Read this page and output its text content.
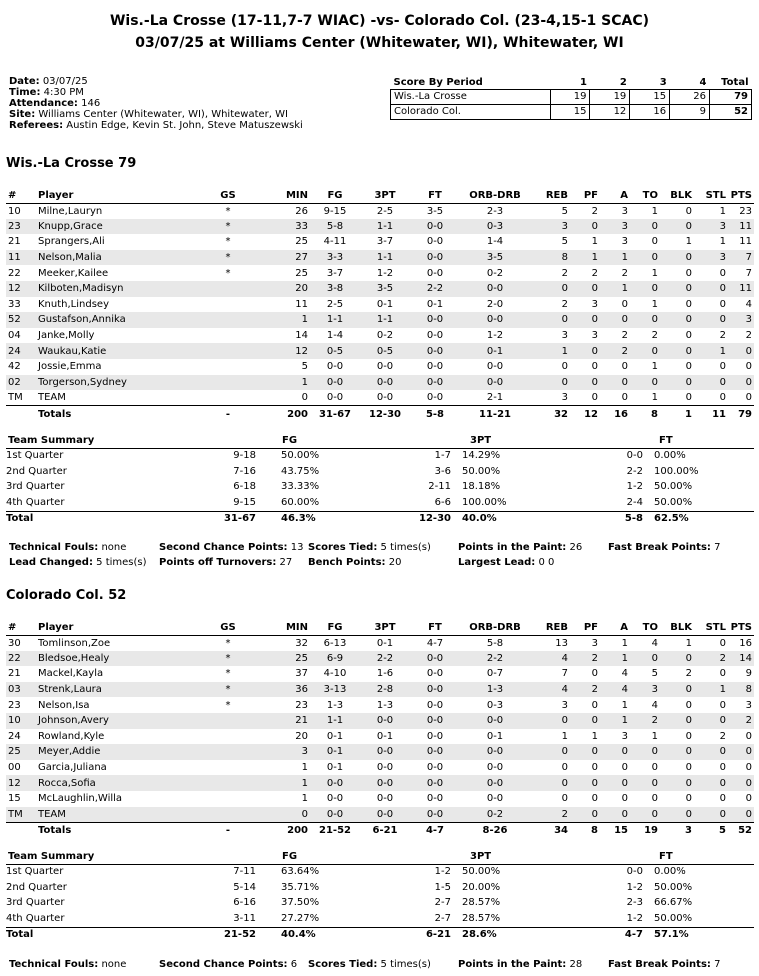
Wis.-La Crosse (17-11,7-7 WIAC) -vs- Colorado Col. (23-4,15-1 SCAC)
03/07/25 at Williams Center (Whitewater, WI), Whitewater, WI
Date: 03/07/25
Time: 4:30 PM
Attendance: 146
Site: Williams Center (Whitewater, WI), Whitewater, WI
Referees: Austin Edge, Kevin St. John, Steve Matuszewski
Score By Period	1	2	3	4	Total
Wis.-La Crosse	19	19	15	26	79
Colorado Col.	15	12	16	9	52
Wis.-La Crosse 79
#	Player	GS	MIN	FG	3PT	FT	ORB-DRB	REB	PF	A	TO	BLK	STL	PTS
10	Milne,Lauryn	*	26	9-15	2-5	3-5	2-3	5	2	3	1	0	1	23
23	Knupp,Grace	*	33	5-8	1-1	0-0	0-3	3	0	3	0	0	3	11
21	Sprangers,Ali	*	25	4-11	3-7	0-0	1-4	5	1	3	0	1	1	11
11	Nelson,Malia	*	27	3-3	1-1	0-0	3-5	8	1	1	0	0	3	7
22	Meeker,Kailee	*	25	3-7	1-2	0-0	0-2	2	2	2	1	0	0	7
12	Kilboten,Madisyn		20	3-8	3-5	2-2	0-0	0	0	1	0	0	0	11
33	Knuth,Lindsey		11	2-5	0-1	0-1	2-0	2	3	0	1	0	0	4
52	Gustafson,Annika		1	1-1	1-1	0-0	0-0	0	0	0	0	0	0	3
04	Janke,Molly		14	1-4	0-2	0-0	1-2	3	3	2	2	0	2	2
24	Waukau,Katie		12	0-5	0-5	0-0	0-1	1	0	2	0	0	1	0
42	Jossie,Emma		5	0-0	0-0	0-0	0-0	0	0	0	1	0	0	0
02	Torgerson,Sydney		1	0-0	0-0	0-0	0-0	0	0	0	0	0	0	0
TM	TEAM		0	0-0	0-0	0-0	2-1	3	0	0	1	0	0	0
	Totals	-	200	31-67	12-30	5-8	11-21	32	12	16	8	1	11	79
Team Summary	FG	3PT	FT
1st Quarter	9-18	50.00%	1-7 14.29%	0-0 0.00%
2nd Quarter	7-16	43.75%	3-6 50.00%	2-2 100.00%
3rd Quarter	6-18	33.33%	2-11 18.18%	1-2 50.00%
4th Quarter	9-15	60.00%	6-6 100.00%	2-4 50.00%
Total	31-67	46.3%	12-30 40.0%	5-8 62.5%
Technical Fouls: none	Second Chance Points: 13 Scores Tied: 5 times(s)	Points in the Paint: 26	Fast Break Points: 7
Lead Changed: 5 times(s) Points off Turnovers: 27 Bench Points: 20	Largest Lead: 0 0
Colorado Col. 52
#	Player	GS	MIN	FG	3PT	FT	ORB-DRB	REB	PF	A	TO	BLK	STL	PTS
30	Tomlinson,Zoe	*	32	6-13	0-1	4-7	5-8	13	3	1	4	1	0	16
22	Bledsoe,Healy	*	25	6-9	2-2	0-0	2-2	4	2	1	0	0	2	14
21	Mackel,Kayla	*	37	4-10	1-6	0-0	0-7	7	0	4	5	2	0	9
03	Strenk,Laura	*	36	3-13	2-8	0-0	1-3	4	2	4	3	0	1	8
23	Nelson,Isa	*	23	1-3	1-3	0-0	0-3	3	0	1	4	0	0	3
10	Johnson,Avery		21	1-1	0-0	0-0	0-0	0	0	1	2	0	0	2
24	Rowland,Kyle		20	0-1	0-1	0-0	0-1	1	1	3	1	0	2	0
25	Meyer,Addie		3	0-1	0-0	0-0	0-0	0	0	0	0	0	0	0
00	Garcia,Juliana		1	0-1	0-0	0-0	0-0	0	0	0	0	0	0	0
12	Rocca,Sofia		1	0-0	0-0	0-0	0-0	0	0	0	0	0	0	0
15	McLaughlin,Willa		1	0-0	0-0	0-0	0-0	0	0	0	0	0	0	0
TM	TEAM		0	0-0	0-0	0-0	0-2	2	0	0	0	0	0	0
	Totals	-	200	21-52	6-21	4-7	8-26	34	8	15	19	3	5	52
Team Summary	FG	3PT	FT
1st Quarter	7-11	63.64%	1-2 50.00%	0-0 0.00%
2nd Quarter	5-14	35.71%	1-5 20.00%	1-2 50.00%
3rd Quarter	6-16	37.50%	2-7 28.57%	2-3 66.67%
4th Quarter	3-11	27.27%	2-7 28.57%	1-2 50.00%
Total	21-52	40.4%	6-21 28.6%	4-7 57.1%
Technical Fouls: none	Second Chance Points: 6 Scores Tied: 5 times(s)	Points in the Paint: 28	Fast Break Points: 7
